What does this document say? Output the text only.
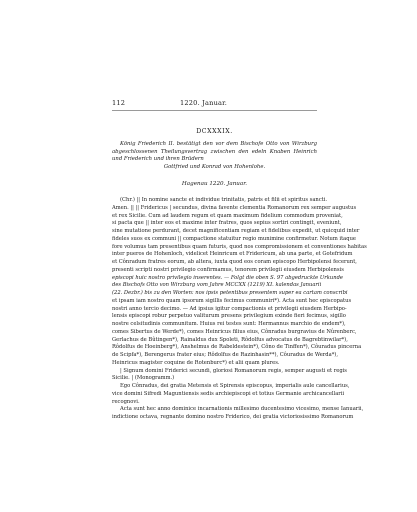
112	1220. Januar.
DCXXXIX.
König Friederich II. bestätigt den vor dem Bischofe Otto von Wirzburg abgeschlossenen Theilungsvertrag zwischen den edeln Knaben Heinrich und Friederich und ihren Brüdern
Gottfried und Konrad von Hohenlohe.
Hagenau 1220. Januar.
(Chr.) || In nomine sancte et individue trinitatis, patris et filii et spiritus sancti.
Amen. || || Fridericus | secundus, divina favente clementia Romanorum rex semper augustus
et rex Sicilie. Cum ad laudem regum et quam maximum fidelium commodum proveniat,
si pacta que || inter eos et maxime inter fratres, quos sepius sortiri contingit, eveniunt,
sine mutatione perdurant, decet magnificentiam regiam et fidelibus expedit, ut quicquid inter
fideles suos ex communi || compactione statuitur regio munimine confirmetur. Notum itaque
fore volumus tam presentibus quam futuris, quod nos compromissionem et conventiones habitas
inter pueros de Hohenloch, videlicet Heinricum et Fridericum, ab una parte, et Gotefridum
et Cônradum fratres eorum, ab altera, iuxta quod eos coram episcopo Herbipolensi fecerunt,
presenti scripti nostri privilegio confirmamus, tenorem privilegii eiusdem Herbipolensis
episcopi huic nostro privilegio inserentes. — Folgt die oben S. 97 abgedruckte Urkunde
des Bischofs Otto von Wirzburg vom Jahre MCCXX (1219) XI. kalendas Januarii
(22. Dezbr.) bis zu den Worten: nos ipsis petentibus presentem super ea cartam conscribi
et ipsam iam nostro quam ipsorum sigillis fecimus communiri*). Acta sunt hec episcopatus
nostri anno tercio decimo. — Ad ipsius igitur compactionis et privilegii eiusdem Herbipo-
lensis episcopi robur perpetuo valiturum presens privilegium exinde fieri fecimus, sigillo
nostre celsitudinis communitum. Huius rei testes sunt: Hermannus marchio de endem*),
comes Sibertus de Werde*), comes Heinricus filius eius, Cônradus burgravius de Nûrenberc,
Gerlachus de Bûtingen*), Rainaldus dux Spoleti, Rôdolfus advocatus de Bagrebtinwilar*),
Rôdolfus de Hoeinberg*), Anshelmus de Rabeldestein*), Côno de Tinffen*), Côuradus pincerna
de Scipfa*), Berengerus frater eius; Rôdolfus de Razinhasin**), Côuradus de Werda*),
Heinricus magister coquine de Rotenburc*) et alii quam plures.
| Signum domini Friderici secundi, gloriosi Romanorum regis, semper augusti et regis
Sicilie. | (Monogramm.)
Ego Cônradus, dei gratia Metensis et Spirensis episcopus, imperialis aule cancellarius,
vice domini Sifredi Maguntiensis sedis archiepiscopi et totius Germanie archicancellarii
recognovi.
Acta sunt hec anno dominice incarnationis millesimo ducentesimo vicesimo, mense Ianuarii,
indictione octava, regnante domino nostro Friderico, dei gratia victoriosissimo Romanorum
